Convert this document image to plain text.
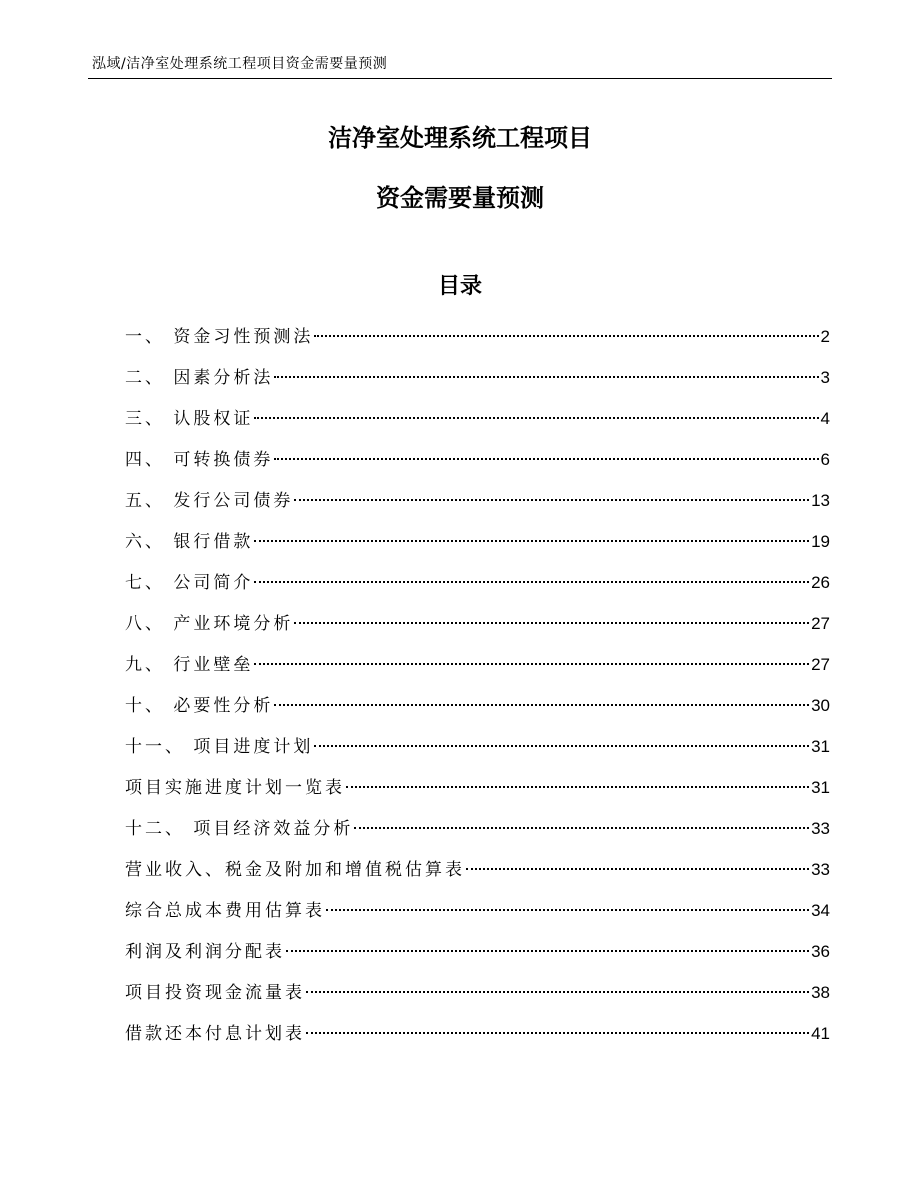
泓域/洁净室处理系统工程项目资金需要量预测
洁净室处理系统工程项目
资金需要量预测
目录
一、 资金习性预测法	2
二、 因素分析法	3
三、 认股权证	4
四、 可转换债券	6
五、 发行公司债券	13
六、 银行借款	19
七、 公司简介	26
八、 产业环境分析	27
九、 行业壁垒	27
十、 必要性分析	30
十一、 项目进度计划	31
项目实施进度计划一览表	31
十二、 项目经济效益分析	33
营业收入、税金及附加和增值税估算表	33
综合总成本费用估算表	34
利润及利润分配表	36
项目投资现金流量表	38
借款还本付息计划表	41
